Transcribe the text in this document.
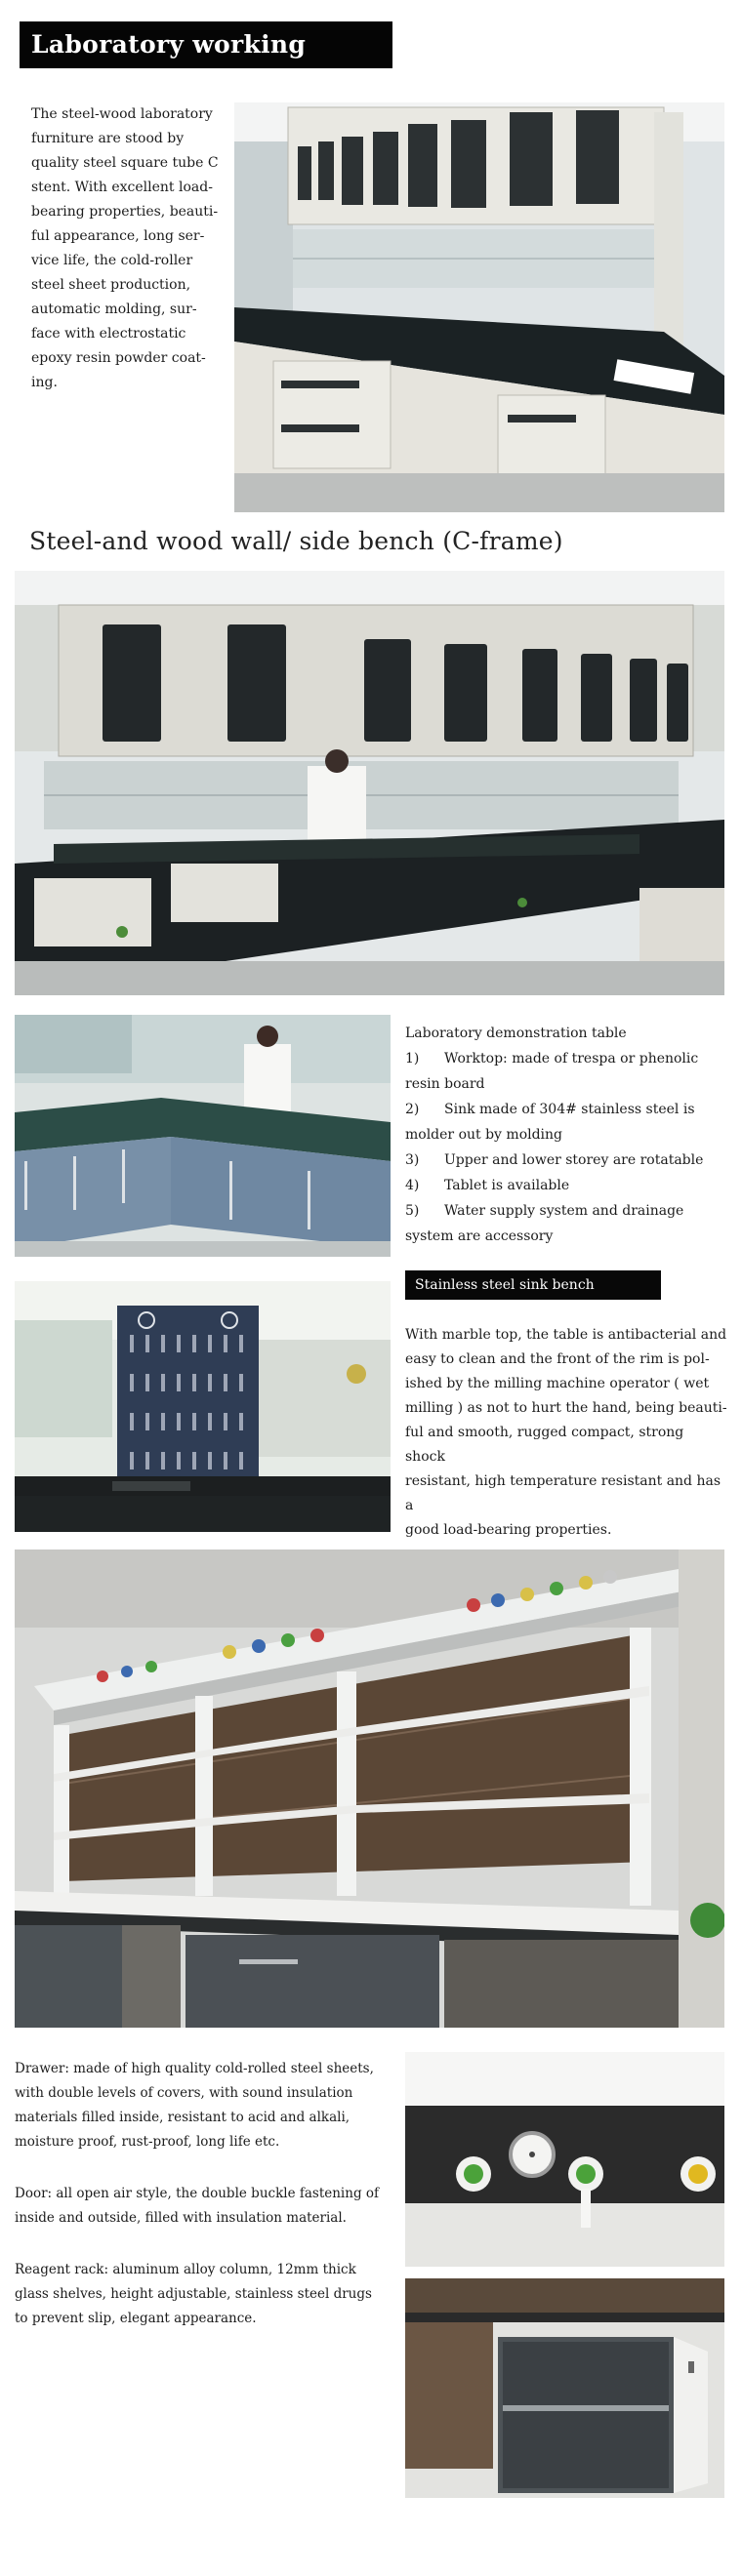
Laboratory working bench
The steel-wood laboratory
furniture are stood by
quality steel square tube C
stent. With excellent load-
bearing properties, beauti-
ful appearance, long ser-
vice life, the cold-roller
steel sheet production,
automatic molding, sur-
face with electrostatic
epoxy resin powder coat-
ing.
Steel-and wood wall/ side bench (C-frame)
Laboratory demonstration table
1)	Worktop: made of trespa or phenolic
resin board
2)	Sink made of 304# stainless steel is
molder out by molding
3)	Upper and lower storey are rotatable
4)	Tablet is available
5)	Water supply system and drainage
system are accessory
Stainless steel sink bench
With marble top, the table is antibacterial and
easy to clean and the front of the rim is pol-
ished by the milling machine operator ( wet
milling ) as not to hurt the hand, being beauti-
ful and smooth, rugged compact, strong shock
resistant, high temperature resistant and has a
good load-bearing properties.
Drawer: made of high quality cold-rolled steel sheets,
with double levels of covers, with sound insulation
materials filled inside, resistant to acid and alkali,
moisture proof, rust-proof, long life etc.
Door: all open air style, the double buckle fastening of
inside and outside, filled with insulation material.
Reagent rack: aluminum alloy column, 12mm thick
glass shelves, height adjustable, stainless steel drugs
to prevent slip, elegant appearance.
